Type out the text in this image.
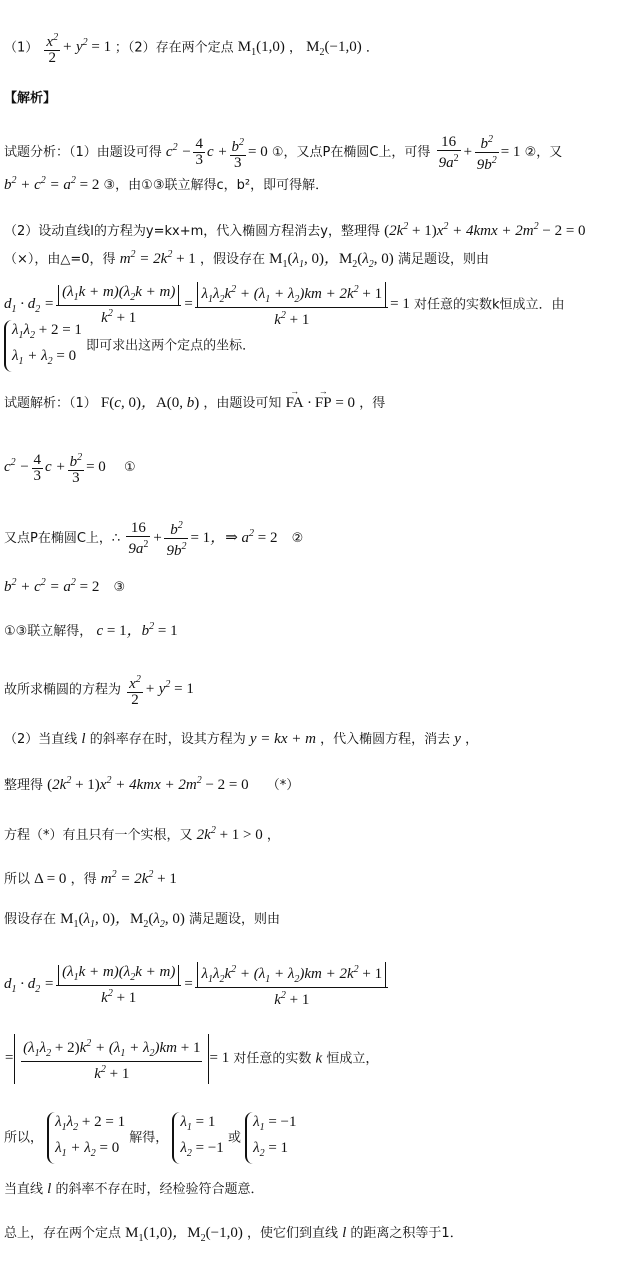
$(1) \frac{x^2}{2} + y^2 = 1$ ；（2）存在两个定点 $M_1(1,0)$ ， $M_2(-1,0)$ ．
【解析】
试题分析：（1）由题设可得 $c^2 - \frac{4}{3}$ $c + \frac{b^2}{3} = 0$ ①，又点P在椭圆C上，可得 $\frac{16}{9a^2} + \frac{b^2}{9b^2} = 1$ ②，又
$b^2 + c^2 = a^2 = 2$ ③，由①③联立解得c，b²，即可得解．
（2）设动直线l的方程为y=kx+m，代入椭圆方程消去y，整理得 $(2k^2 + 1)x^2 + 4kmx + 2m^2 - 2 = 0$
（×），由△=0，得 $m^2 = 2k^2 + 1$ ，假设存在 $M_1(\lambda_1$, 0)，$M_2(\lambda_2$, 0) 满足题设，则由
$d_1 \cdot d_2 = \frac{(\lambda_1k + m)(\lambda_2k + m)}{k^2 + 1} = \frac{\lambda_1\lambda_2k^2 + (\lambda_1 + \lambda_2)km + 2k^2 + 1}{k^2 + 1} = 1$ 对任意的实数k恒成立．由
$\lambda_1\lambda_2 + 2 = 1$
$\lambda_1 + \lambda_2 = 0$ 即可求出这两个定点的坐标．
试题解析：（1） F(c, 0)，A(0, b) ，由题设可知 → FA · → FP = 0 ，得
$c^2 - \frac{4}{3}$ $c + \frac{b^2}{3} = 0$ ①
又点P在椭圆C上，∴ $\frac{16}{9a^2} + \frac{b^2}{9b^2} = 1$，⇒ $a^2 = 2$ ②
$b^2 + c^2 = a^2 = 2$ ③
①③联立解得， c = 1，$b^2 = 1$
故所求椭圆的方程为 $\frac{x^2}{2} + y^2 = 1$
（2）当直线 l 的斜率存在时，设其方程为 y = kx + m ，代入椭圆方程，消去 y ，
整理得 $(2k^2 + 1)x^2 + 4kmx + 2m^2 - 2 = 0$ （*）
方程（*）有且只有一个实根，又 $2k^2 + 1 > 0$ ，
所以 Δ = 0 ，得 $m^2 = 2k^2 + 1$
假设存在 $M_1(\lambda_1$, 0)，$M_2(\lambda_2$, 0) 满足题设，则由
$d_1 \cdot d_2 = \frac{(\lambda_1k + m)(\lambda_2k + m)}{k^2 + 1} = \frac{\lambda_1\lambda_2k^2 + (\lambda_1 + \lambda_2)km + 2k^2 + 1}{k^2 + 1}$
= $\frac{(\lambda_1\lambda_2 + 2)k^2 + (\lambda_1 + \lambda_2)km + 1}{k^2 + 1} = 1$ 对任意的实数 k 恒成立，
所以， $\lambda_1\lambda_2 + 2 = 1$
$\lambda_1 + \lambda_2 = 0$ 解得， $\lambda_1 = 1$
$\lambda_2 = -1$ 或 $\lambda_1 = -1$
$\lambda_2 = 1$
当直线 l 的斜率不存在时，经检验符合题意．
总上，存在两个定点 $M_1(1,0)$，$M_2(-1,0)$ ，使它们到直线 l 的距离之积等于1．
